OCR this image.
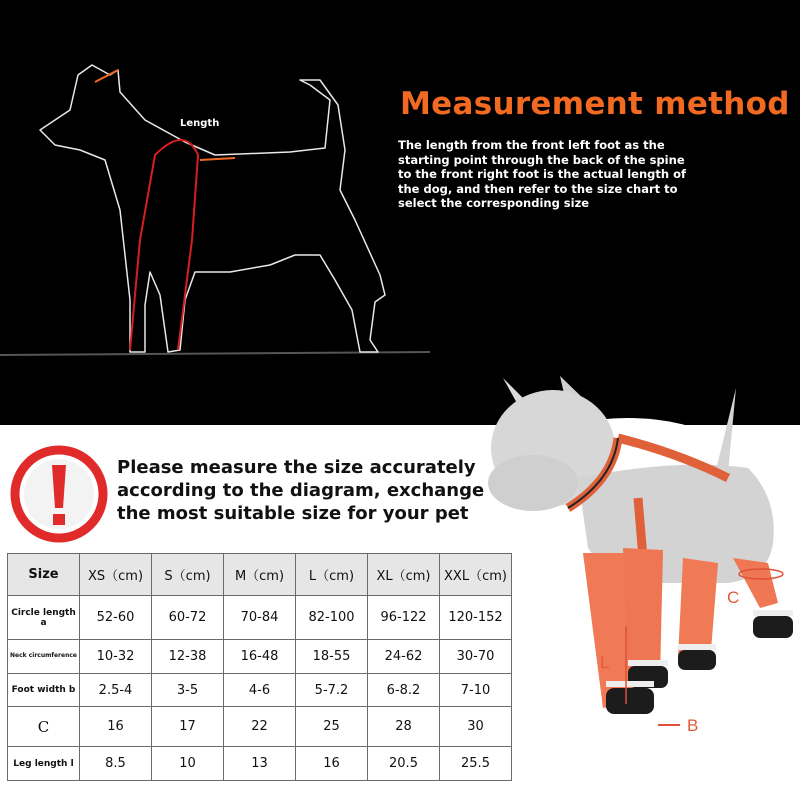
Length
Measurement method
The length from the front left foot as the starting point through the back of the spine to the front right foot is the actual length of the dog, and then refer to the size chart to select the corresponding size
Please measure the size accurately according to the diagram, exchange the most suitable size for your pet
C
L
B
Size	XS（cm)	S（cm)	M（cm)	L（cm)	XL（cm)	XXL（cm)
Circle length a	52-60	60-72	70-84	82-100	96-122	120-152
Neck circumference	10-32	12-38	16-48	18-55	24-62	30-70
Foot width b	2.5-4	3-5	4-6	5-7.2	6-8.2	7-10
C	16	17	22	25	28	30
Leg length l	8.5	10	13	16	20.5	25.5
